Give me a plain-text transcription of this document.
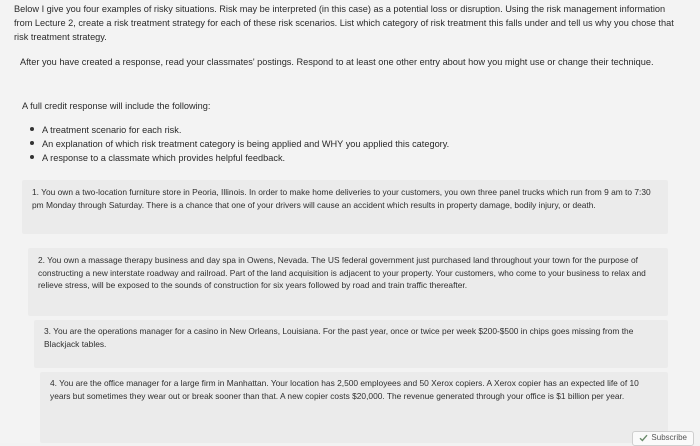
Below I give you four examples of risky situations. Risk may be interpreted (in this case) as a potential loss or disruption. Using the risk management information from Lecture 2, create a risk treatment strategy for each of these risk scenarios. List which category of risk treatment this falls under and tell us why you chose that risk treatment strategy.
After you have created a response, read your classmates' postings. Respond to at least one other entry about how you might use or change their technique.
A full credit response will include the following:
A treatment scenario for each risk.
An explanation of which risk treatment category is being applied and WHY you applied this category.
A response to a classmate which provides helpful feedback.
1. You own a two-location furniture store in Peoria, Illinois. In order to make home deliveries to your customers, you own three panel trucks which run from 9 am to 7:30 pm Monday through Saturday. There is a chance that one of your drivers will cause an accident which results in property damage, bodily injury, or death.
2. You own a massage therapy business and day spa in Owens, Nevada. The US federal government just purchased land throughout your town for the purpose of constructing a new interstate roadway and railroad. Part of the land acquisition is adjacent to your property. Your customers, who come to your business to relax and relieve stress, will be exposed to the sounds of construction for six years followed by road and train traffic thereafter.
3. You are the operations manager for a casino in New Orleans, Louisiana. For the past year, once or twice per week $200-$500 in chips goes missing from the Blackjack tables.
4. You are the office manager for a large firm in Manhattan. Your location has 2,500 employees and 50 Xerox copiers. A Xerox copier has an expected life of 10 years but sometimes they wear out or break sooner than that. A new copier costs $20,000. The revenue generated through your office is $1 billion per year.
Subscribe
